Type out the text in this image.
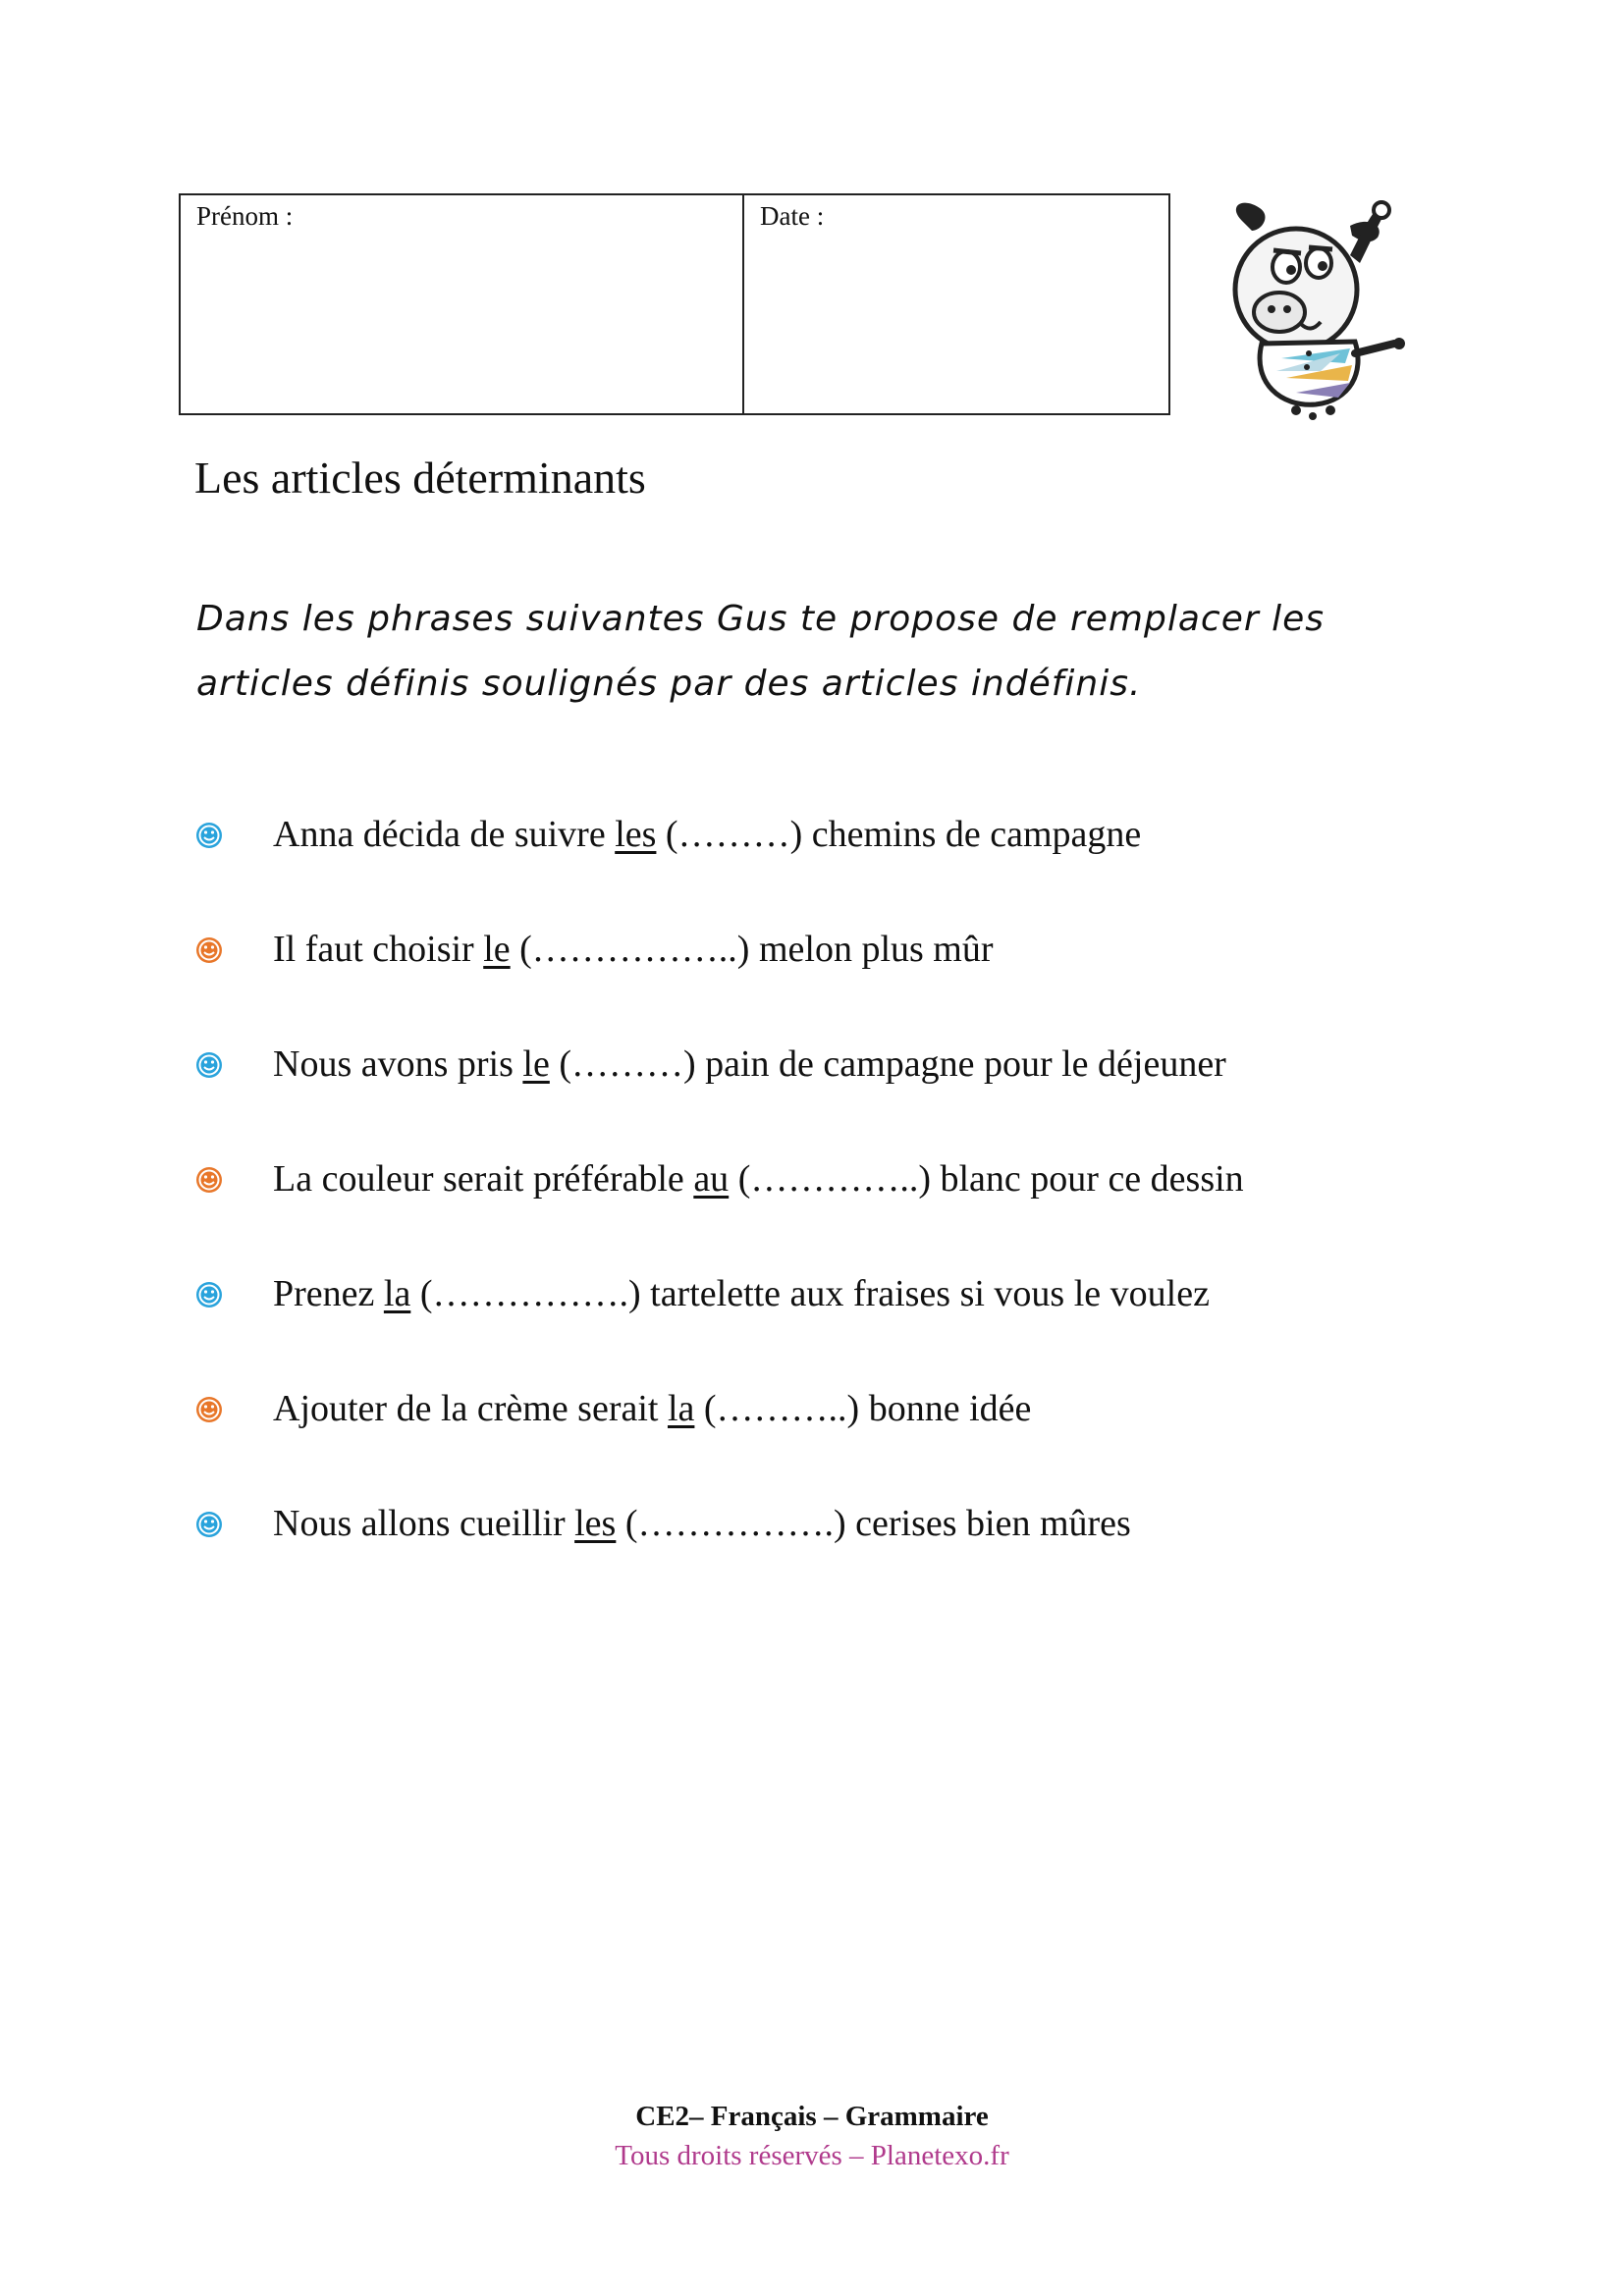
Prénom :	Date :
Les articles déterminants

Dans les phrases suivantes Gus te propose de remplacer les articles définis soulignés par des articles indéfinis.

Anna décida de suivre les (………) chemins de campagne
Il faut choisir le (……………..) melon plus mûr
Nous avons pris le (………) pain de campagne pour le déjeuner
La couleur serait préférable au (…………..) blanc pour ce dessin
Prenez la (…………….) tartelette aux fraises si vous le voulez
Ajouter de la crème serait la (………..) bonne idée
Nous allons cueillir les (…………….) cerises bien mûres
CE2– Français – Grammaire
Tous droits réservés – Planetexo.fr
